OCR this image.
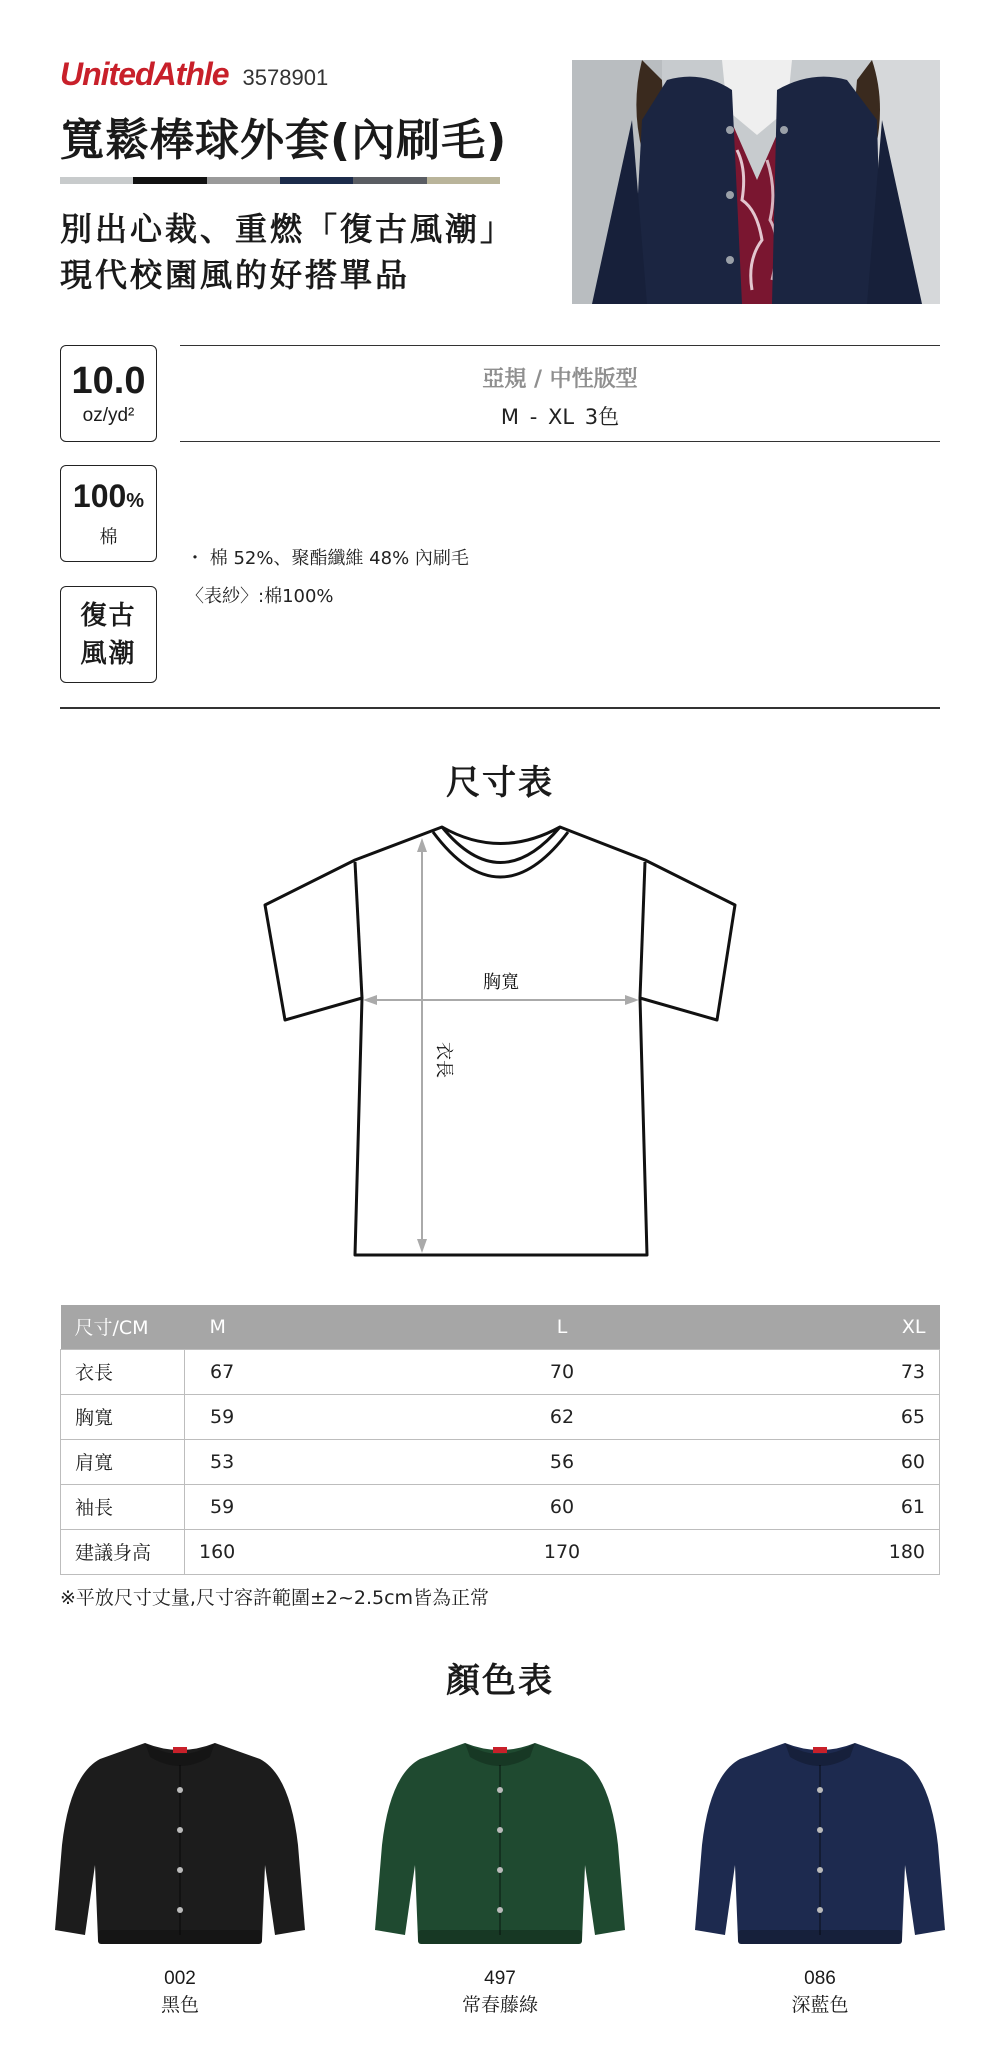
UnitedAthle 3578901
寬鬆棒球外套(內刷毛)
別出心裁、重燃「復古風潮」
現代校園風的好搭單品
10.0
oz/yd²
100%
棉
復古
風潮
亞規 / 中性版型
M - XL 3色
・ 棉 52%、聚酯纖維 48% 內刷毛
〈表紗〉:棉100%
尺寸表
胸寬
衣長
尺寸/CM	M	L	XL
衣長	67	70	73
胸寬	59	62	65
肩寬	53	56	60
袖長	59	60	61
建議身高	160	170	180
※平放尺寸丈量,尺寸容許範圍±2~2.5cm皆為正常
顏色表
002
黑色
497
常春藤綠
086
深藍色
